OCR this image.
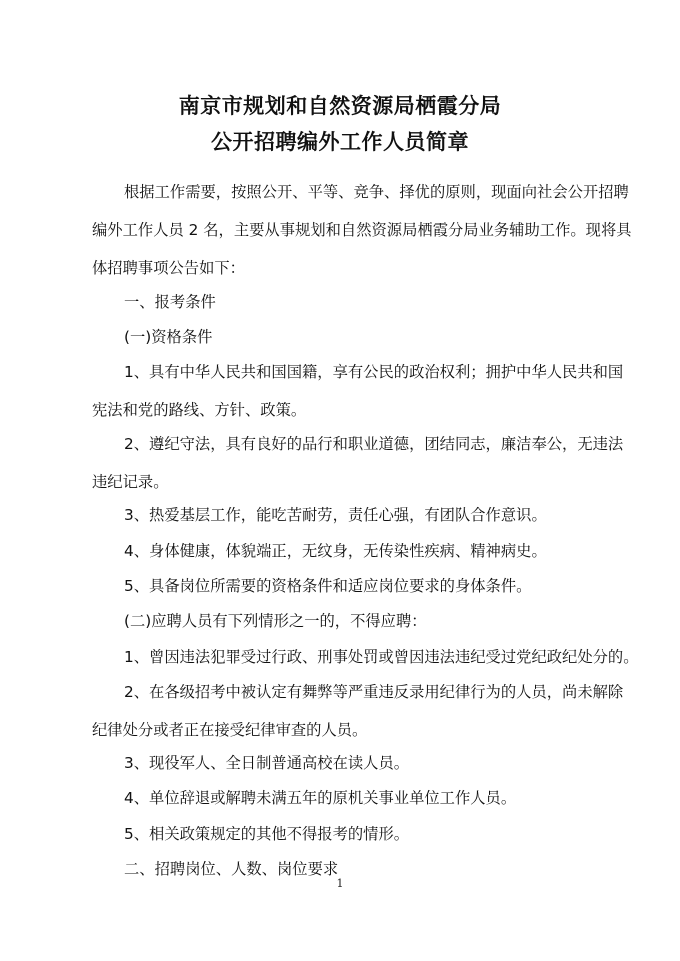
南京市规划和自然资源局栖霞分局
公开招聘编外工作人员简章
根据工作需要，按照公开、平等、竞争、择优的原则，现面向社会公开招聘
编外工作人员 2 名，主要从事规划和自然资源局栖霞分局业务辅助工作。现将具
体招聘事项公告如下：
一、报考条件
(一)资格条件
1、具有中华人民共和国国籍，享有公民的政治权利；拥护中华人民共和国
宪法和党的路线、方针、政策。
2、遵纪守法，具有良好的品行和职业道德，团结同志，廉洁奉公，无违法
违纪记录。
3、热爱基层工作，能吃苦耐劳，责任心强，有团队合作意识。
4、身体健康，体貌端正，无纹身，无传染性疾病、精神病史。
5、具备岗位所需要的资格条件和适应岗位要求的身体条件。
(二)应聘人员有下列情形之一的，不得应聘：
1、曾因违法犯罪受过行政、刑事处罚或曾因违法违纪受过党纪政纪处分的。
2、在各级招考中被认定有舞弊等严重违反录用纪律行为的人员，尚未解除
纪律处分或者正在接受纪律审查的人员。
3、现役军人、全日制普通高校在读人员。
4、单位辞退或解聘未满五年的原机关事业单位工作人员。
5、相关政策规定的其他不得报考的情形。
二、招聘岗位、人数、岗位要求
1
